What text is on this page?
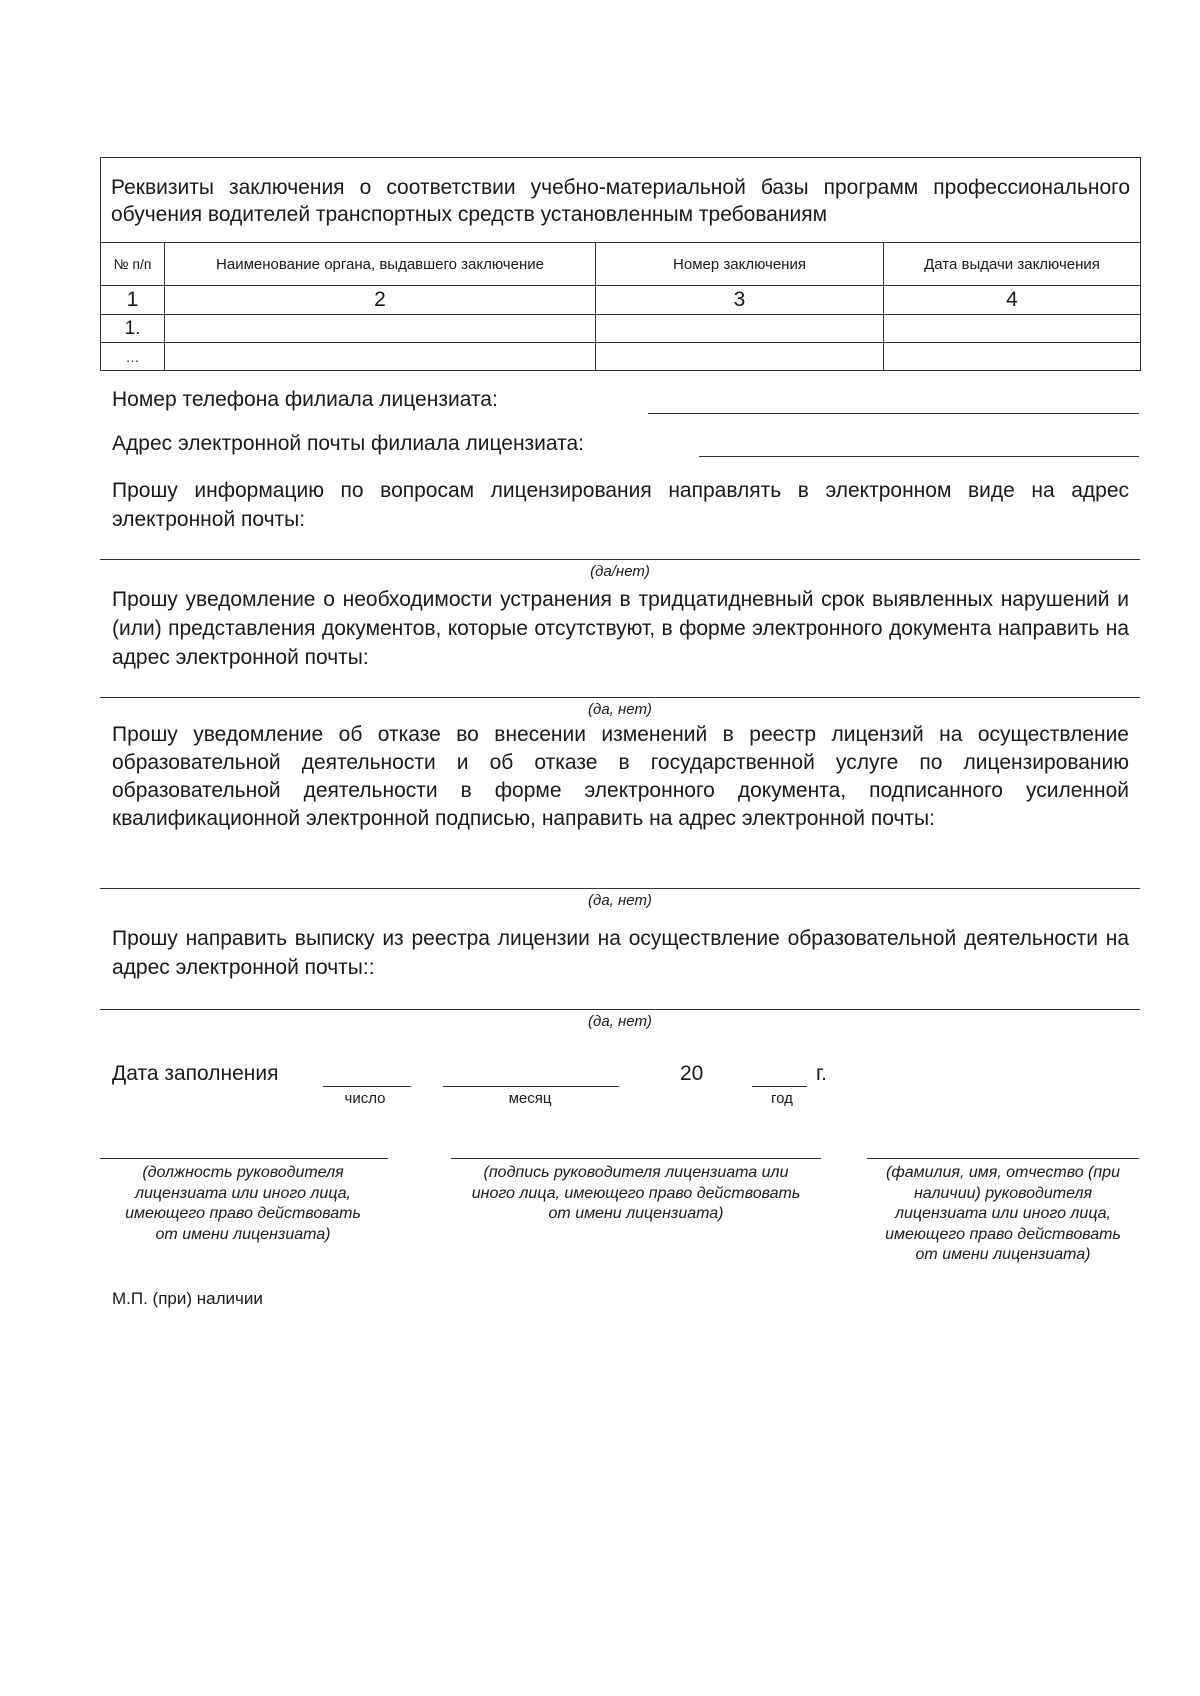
Реквизиты заключения о соответствии учебно-материальной базы программ профессионального обучения водителей транспортных средств установленным требованиям			
№ п/п	Наименование органа, выдавшего заключение	Номер заключения	Дата выдачи заключения
1	2	3	4
1.			
…			
Номер телефона филиала лицензиата:
Адрес электронной почты филиала лицензиата:
Прошу информацию по вопросам лицензирования направлять в электронном виде на адрес электронной почты:
(да/нет)
Прошу уведомление о необходимости устранения в тридцатидневный срок выявленных нарушений и (или) представления документов, которые отсутствуют, в форме электронного документа направить на адрес электронной почты:
(да, нет)
Прошу уведомление об отказе во внесении изменений в реестр лицензий на осуществление образовательной деятельности и об отказе в государственной услуге по лицензированию образовательной деятельности в форме электронного документа, подписанного усиленной квалификационной электронной подписью, направить на адрес электронной почты:
(да, нет)
Прошу направить выписку из реестра лицензии на осуществление образовательной деятельности на адрес электронной почты::
(да, нет)
Дата заполнения	20	г.
число	месяц	год
(должность руководителя лицензиата или иного лица, имеющего право действовать от имени лицензиата)
(подпись руководителя лицензиата или иного лица, имеющего право действовать от имени лицензиата)
(фамилия, имя, отчество (при наличии) руководителя лицензиата или иного лица, имеющего право действовать от имени лицензиата)
М.П. (при) наличии
